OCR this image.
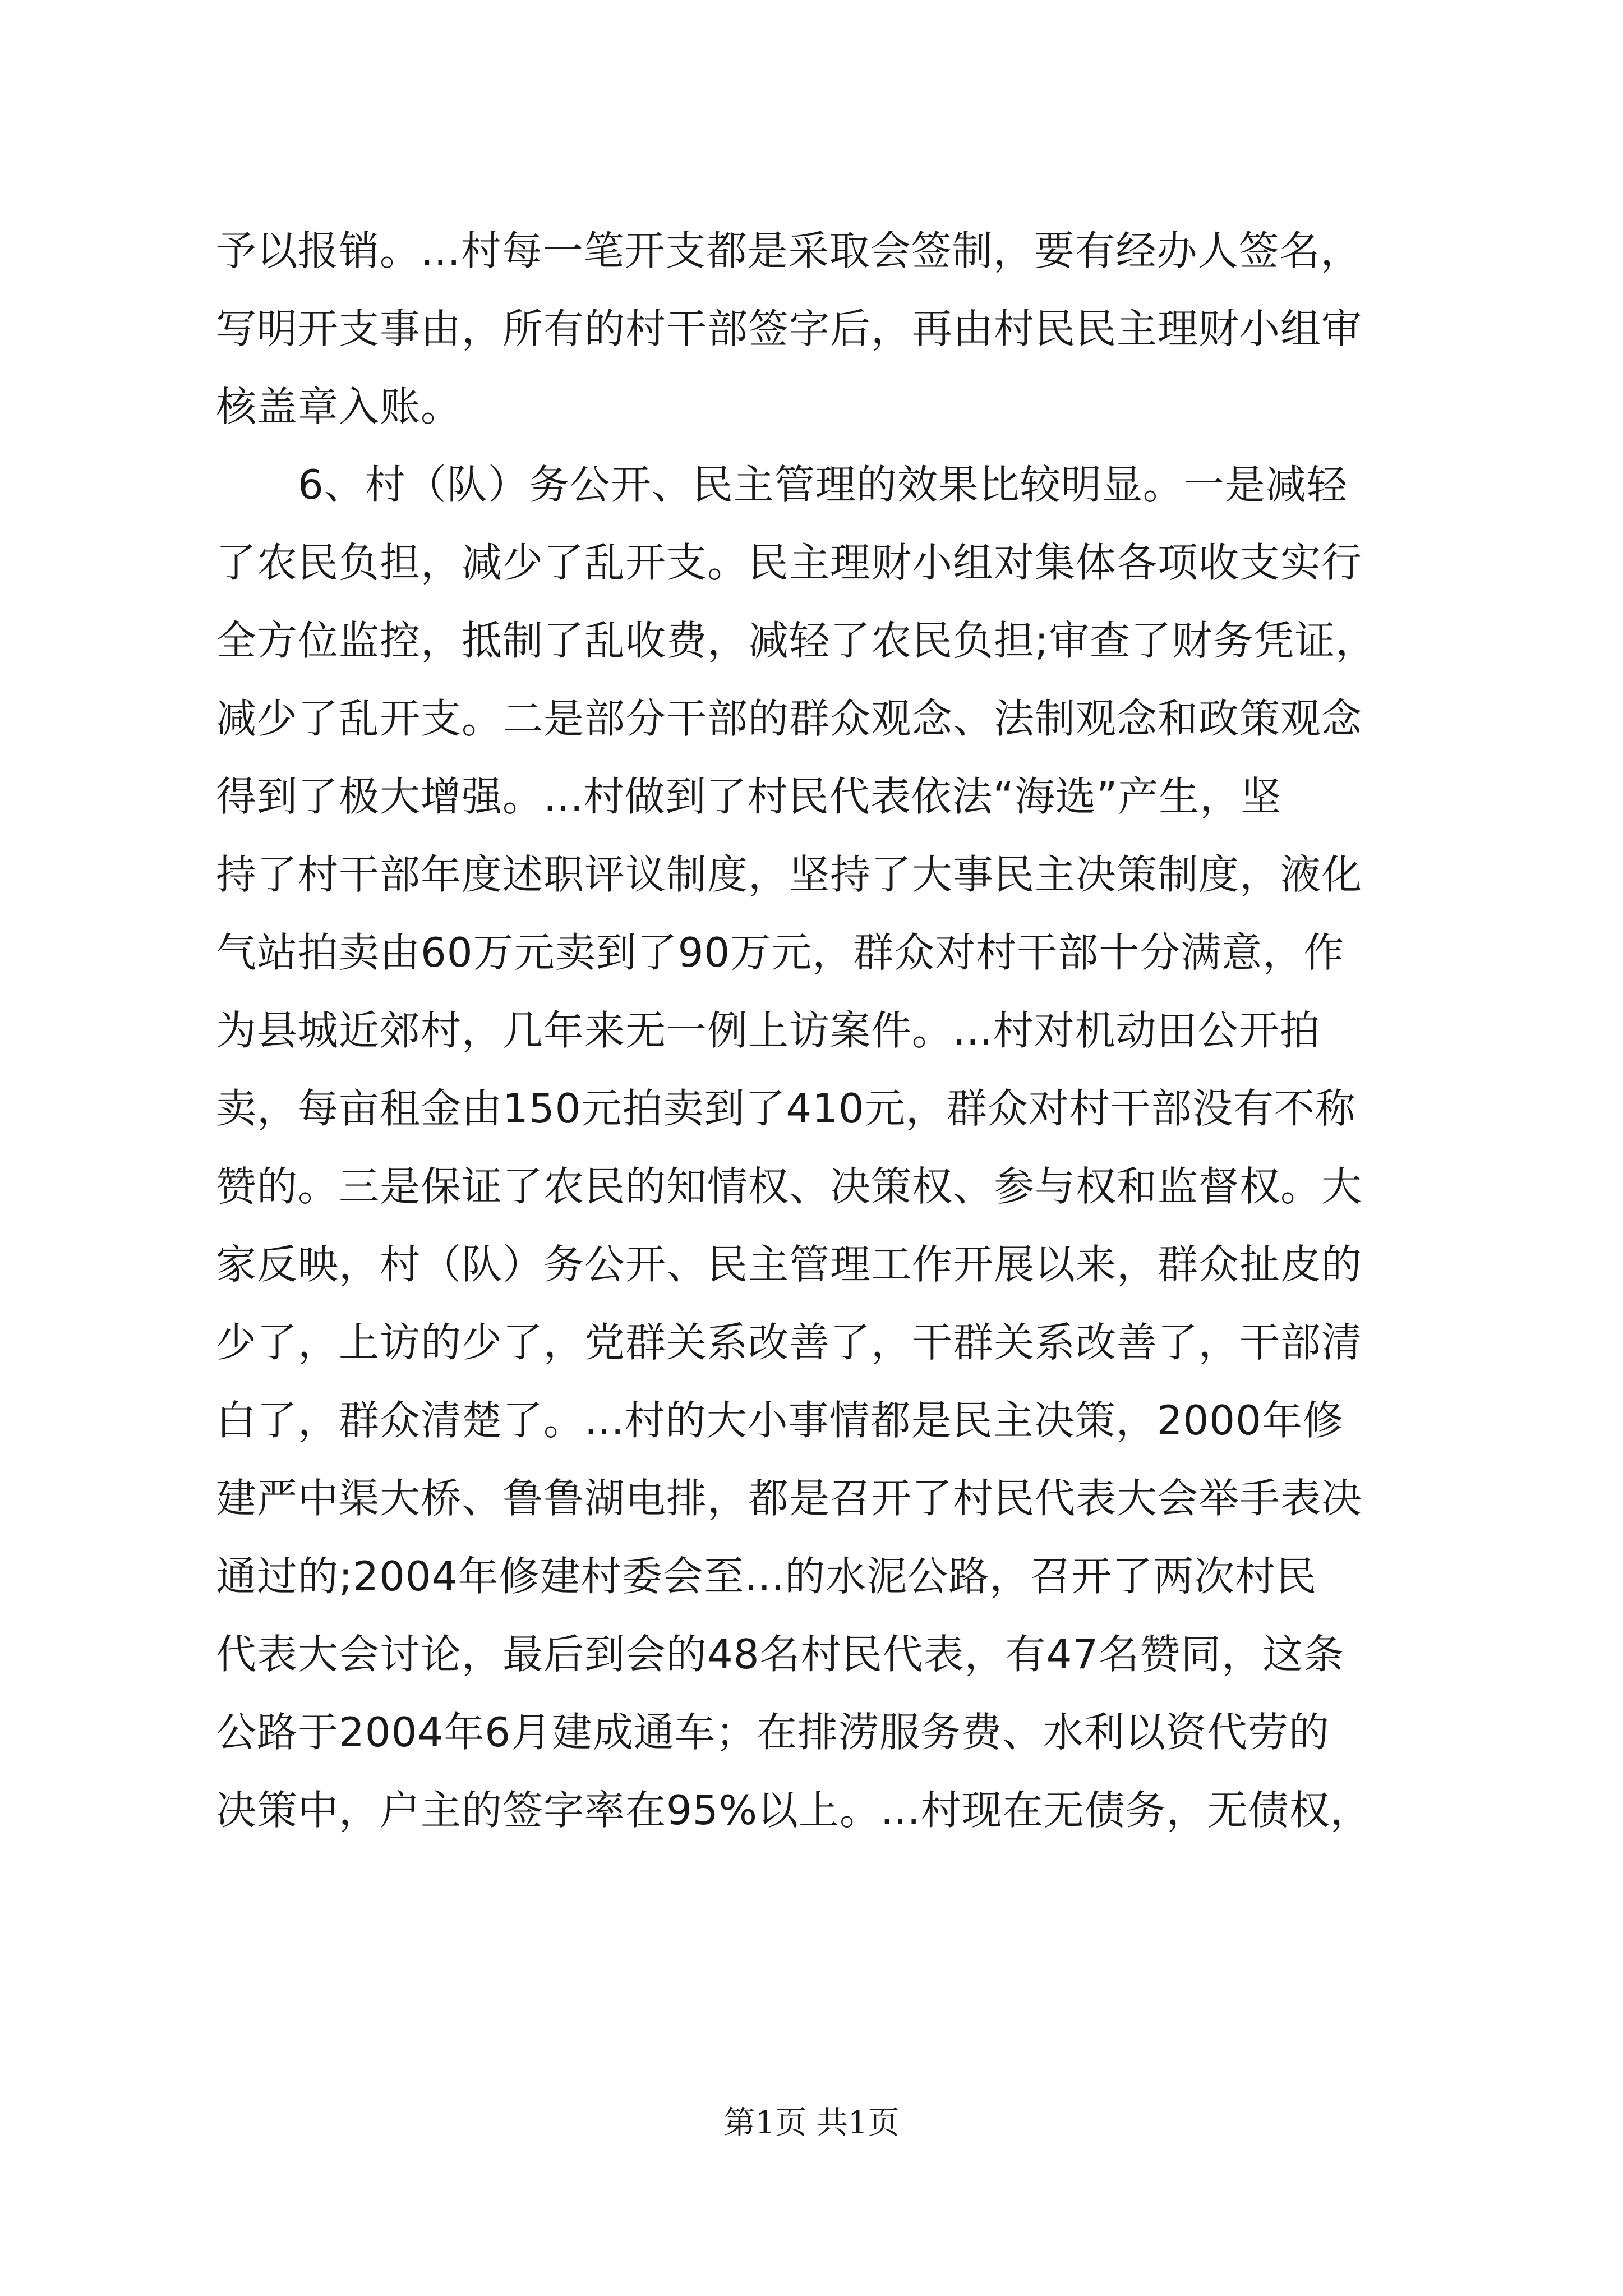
予以报销。...村每一笔开支都是采取会签制，要有经办人签名，
写明开支事由，所有的村干部签字后，再由村民民主理财小组审
核盖章入账。
6、村（队）务公开、民主管理的效果比较明显。一是减轻
了农民负担，减少了乱开支。民主理财小组对集体各项收支实行
全方位监控，抵制了乱收费，减轻了农民负担;审查了财务凭证，
减少了乱开支。二是部分干部的群众观念、法制观念和政策观念
得到了极大增强。...村做到了村民代表依法“海选”产生，坚
持了村干部年度述职评议制度，坚持了大事民主决策制度，液化
气站拍卖由60万元卖到了90万元，群众对村干部十分满意，作
为县城近郊村，几年来无一例上访案件。...村对机动田公开拍
卖，每亩租金由150元拍卖到了410元，群众对村干部没有不称
赞的。三是保证了农民的知情权、决策权、参与权和监督权。大
家反映，村（队）务公开、民主管理工作开展以来，群众扯皮的
少了，上访的少了，党群关系改善了，干群关系改善了，干部清
白了，群众清楚了。...村的大小事情都是民主决策，2000年修
建严中渠大桥、鲁鲁湖电排，都是召开了村民代表大会举手表决
通过的;2004年修建村委会至...的水泥公路，召开了两次村民
代表大会讨论，最后到会的48名村民代表，有47名赞同，这条
公路于2004年6月建成通车；在排涝服务费、水利以资代劳的
决策中，户主的签字率在95%以上。...村现在无债务，无债权，
第1页 共1页
